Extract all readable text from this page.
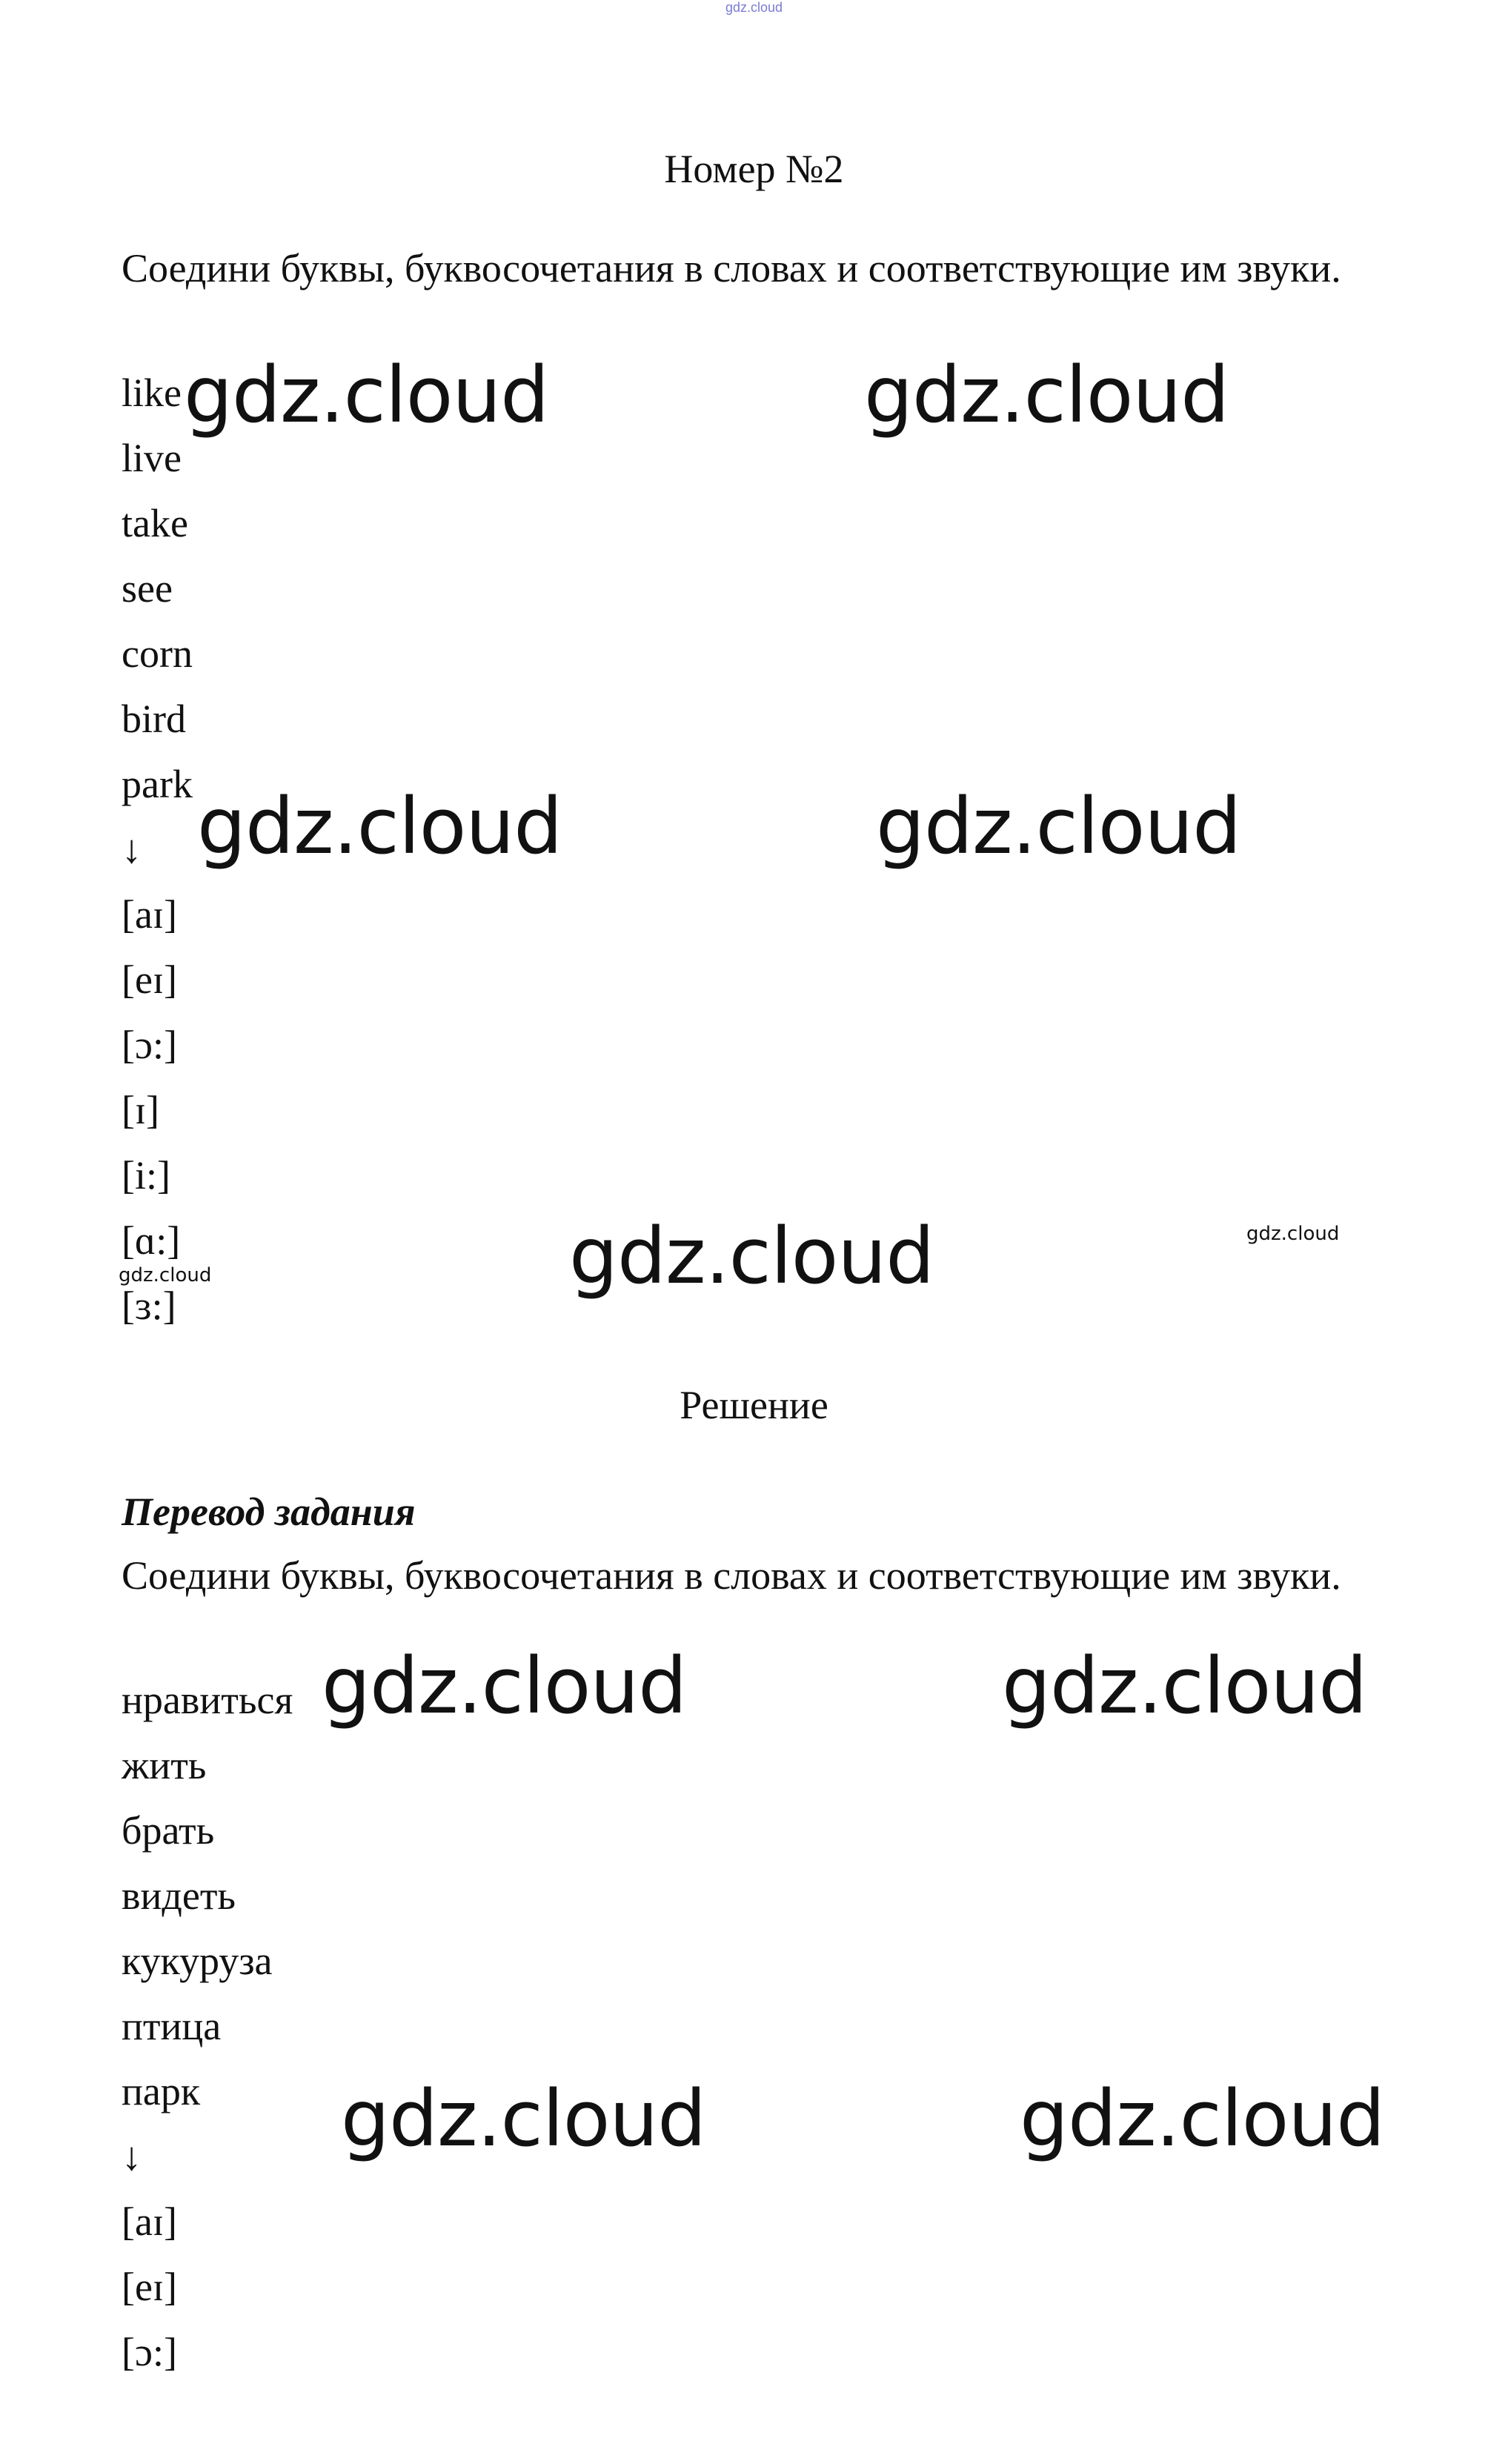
gdz.cloud
Номер №2
Соедини буквы, буквосочетания в словах и соответствующие им звуки.
like
live
take
see
corn
bird
park
↓
[aɪ]
[eɪ]
[ɔ:]
[ɪ]
[i:]
[ɑ:]
[ɜ:]
Решение
Перевод задания
Соедини буквы, буквосочетания в словах и соответствующие им звуки.
нравиться
жить
брать
видеть
кукуруза
птица
парк
↓
[aɪ]
[eɪ]
[ɔ:]
gdz.cloud	gdz.cloud
gdz.cloud	gdz.cloud
gdz.cloud	gdz.cloud
gdz.cloud
gdz.cloud	gdz.cloud
gdz.cloud	gdz.cloud
